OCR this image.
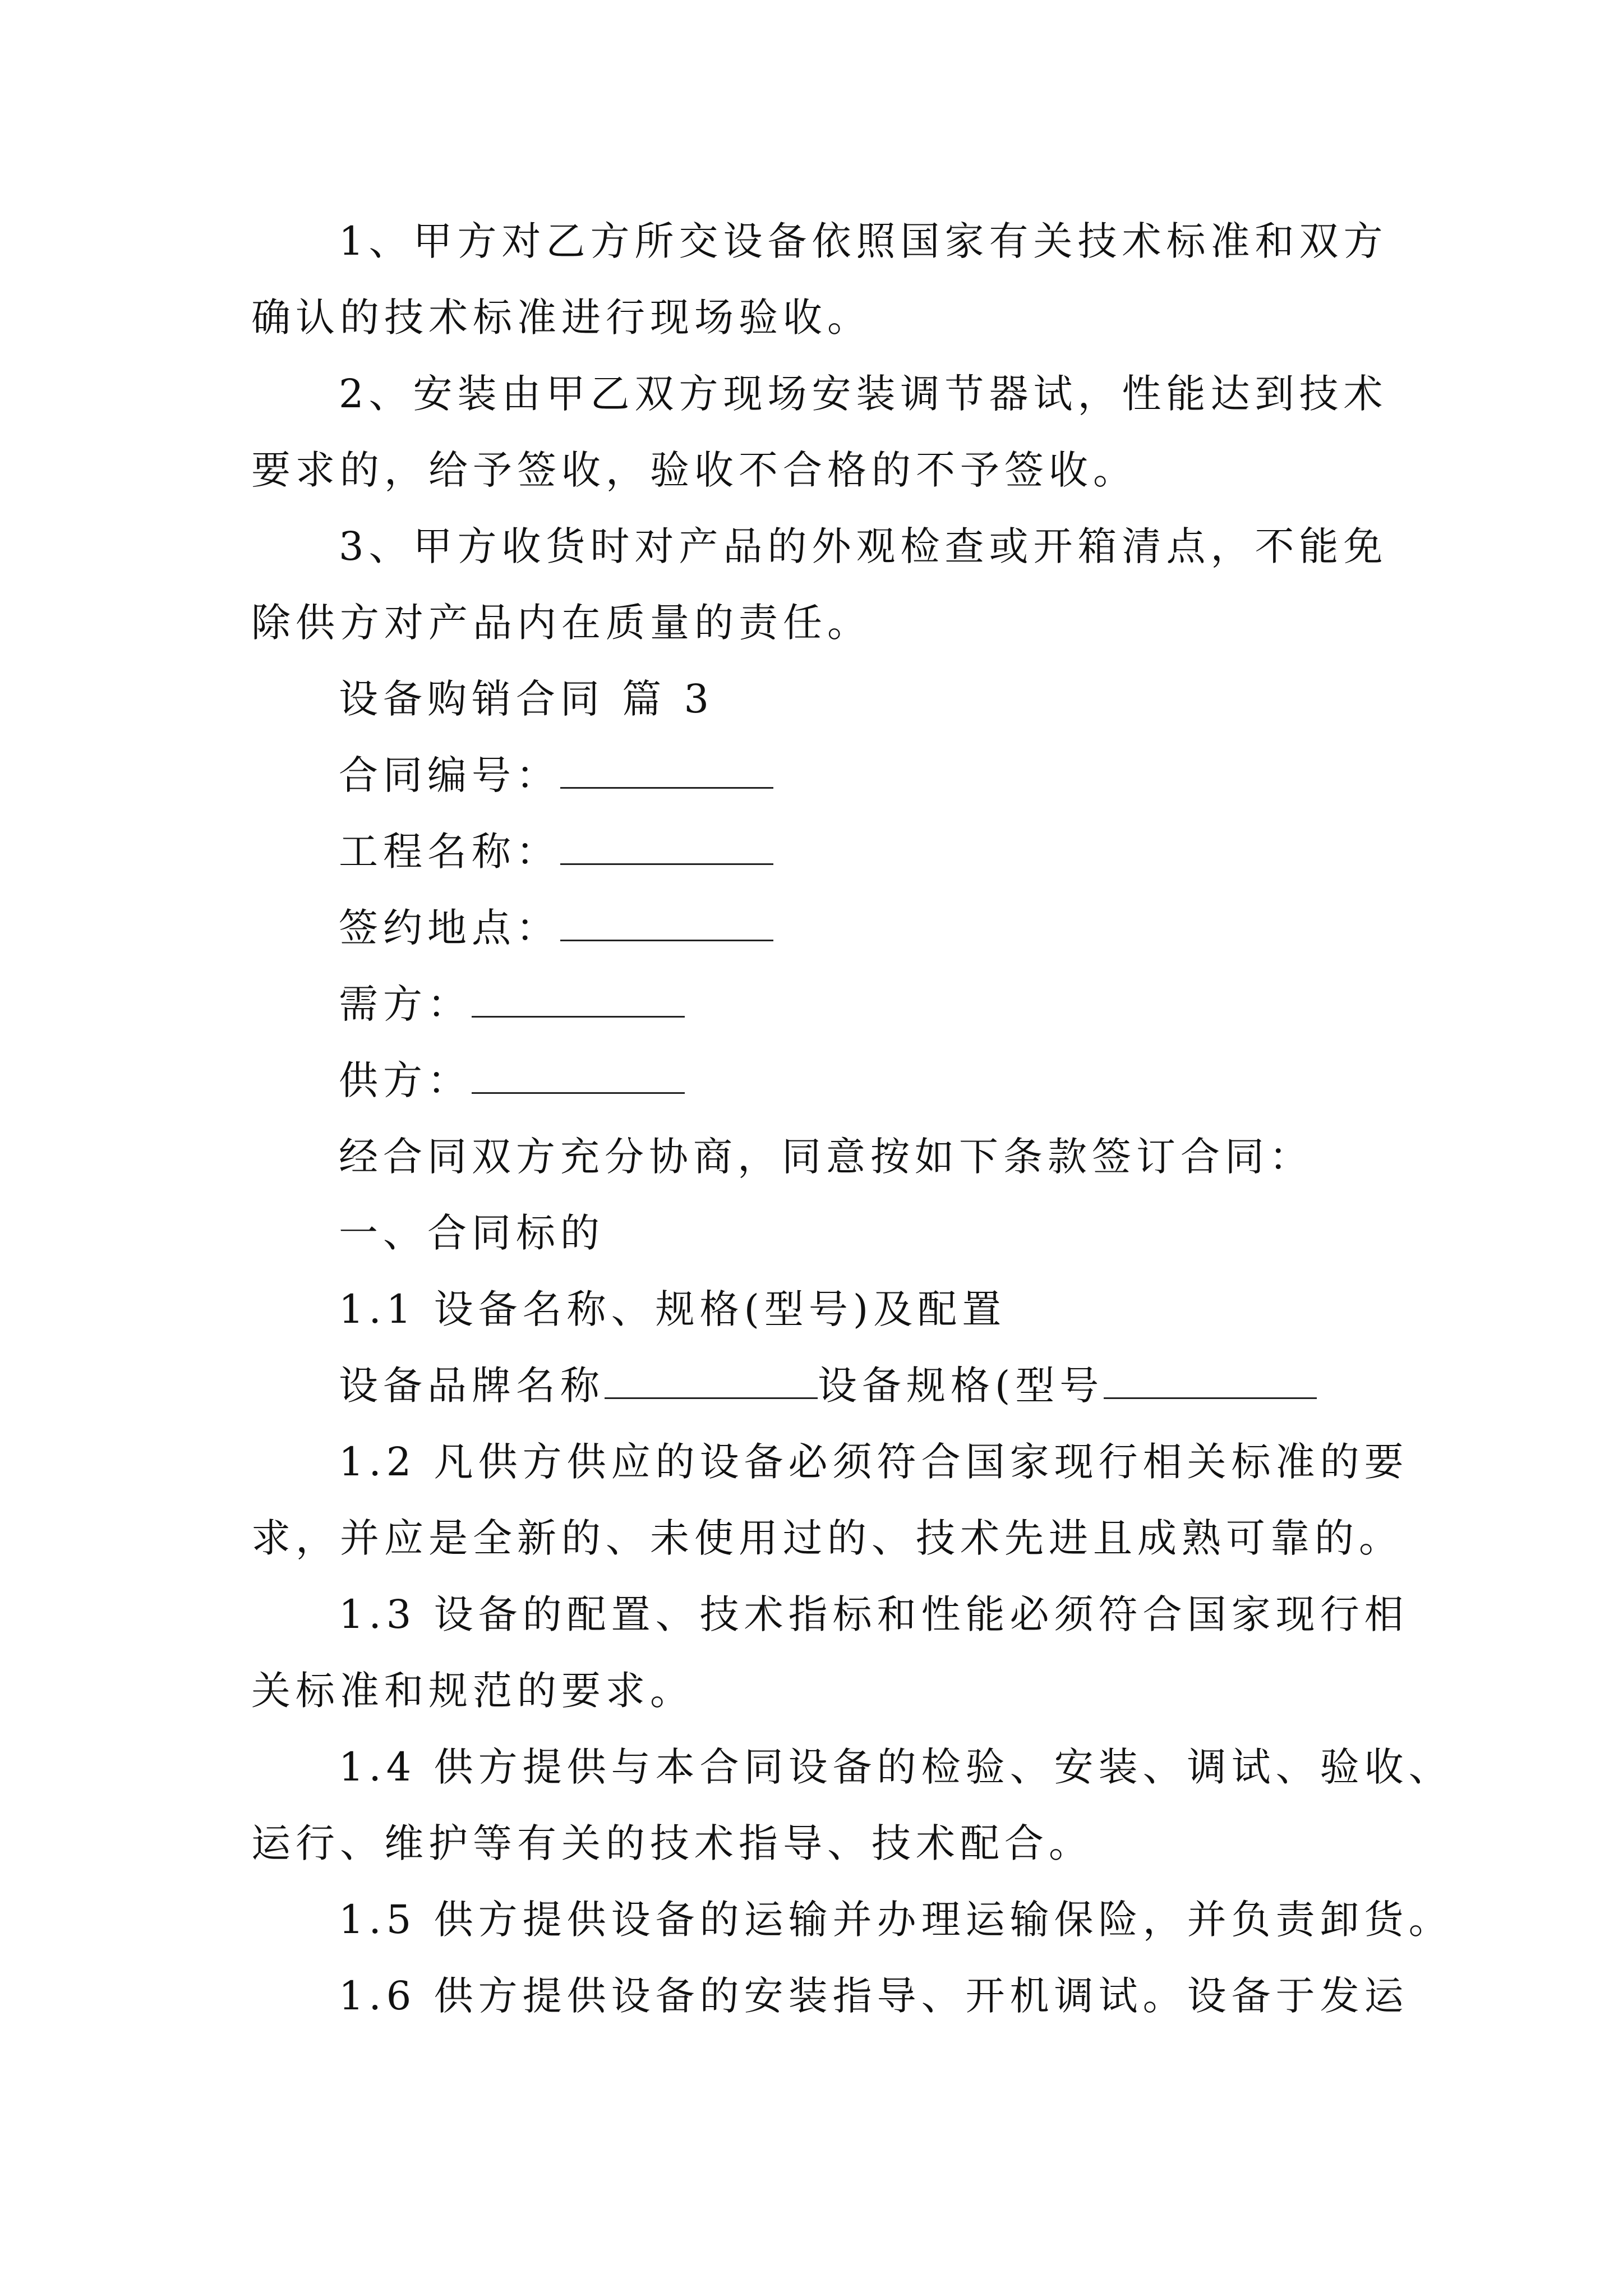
1、甲方对乙方所交设备依照国家有关技术标准和双方
确认的技术标准进行现场验收。
2、安装由甲乙双方现场安装调节器试，性能达到技术
要求的，给予签收，验收不合格的不予签收。
3、甲方收货时对产品的外观检查或开箱清点，不能免
除供方对产品内在质量的责任。
设备购销合同 篇 3
合同编号：
工程名称：
签约地点：
需方：
供方：
经合同双方充分协商，同意按如下条款签订合同：
一、合同标的
1.1 设备名称、规格(型号)及配置
设备品牌名称	设备规格(型号
1.2 凡供方供应的设备必须符合国家现行相关标准的要
求，并应是全新的、未使用过的、技术先进且成熟可靠的。
1.3 设备的配置、技术指标和性能必须符合国家现行相
关标准和规范的要求。
1.4 供方提供与本合同设备的检验、安装、调试、验收、
运行、维护等有关的技术指导、技术配合。
1.5 供方提供设备的运输并办理运输保险，并负责卸货。
1.6 供方提供设备的安装指导、开机调试。设备于发运
